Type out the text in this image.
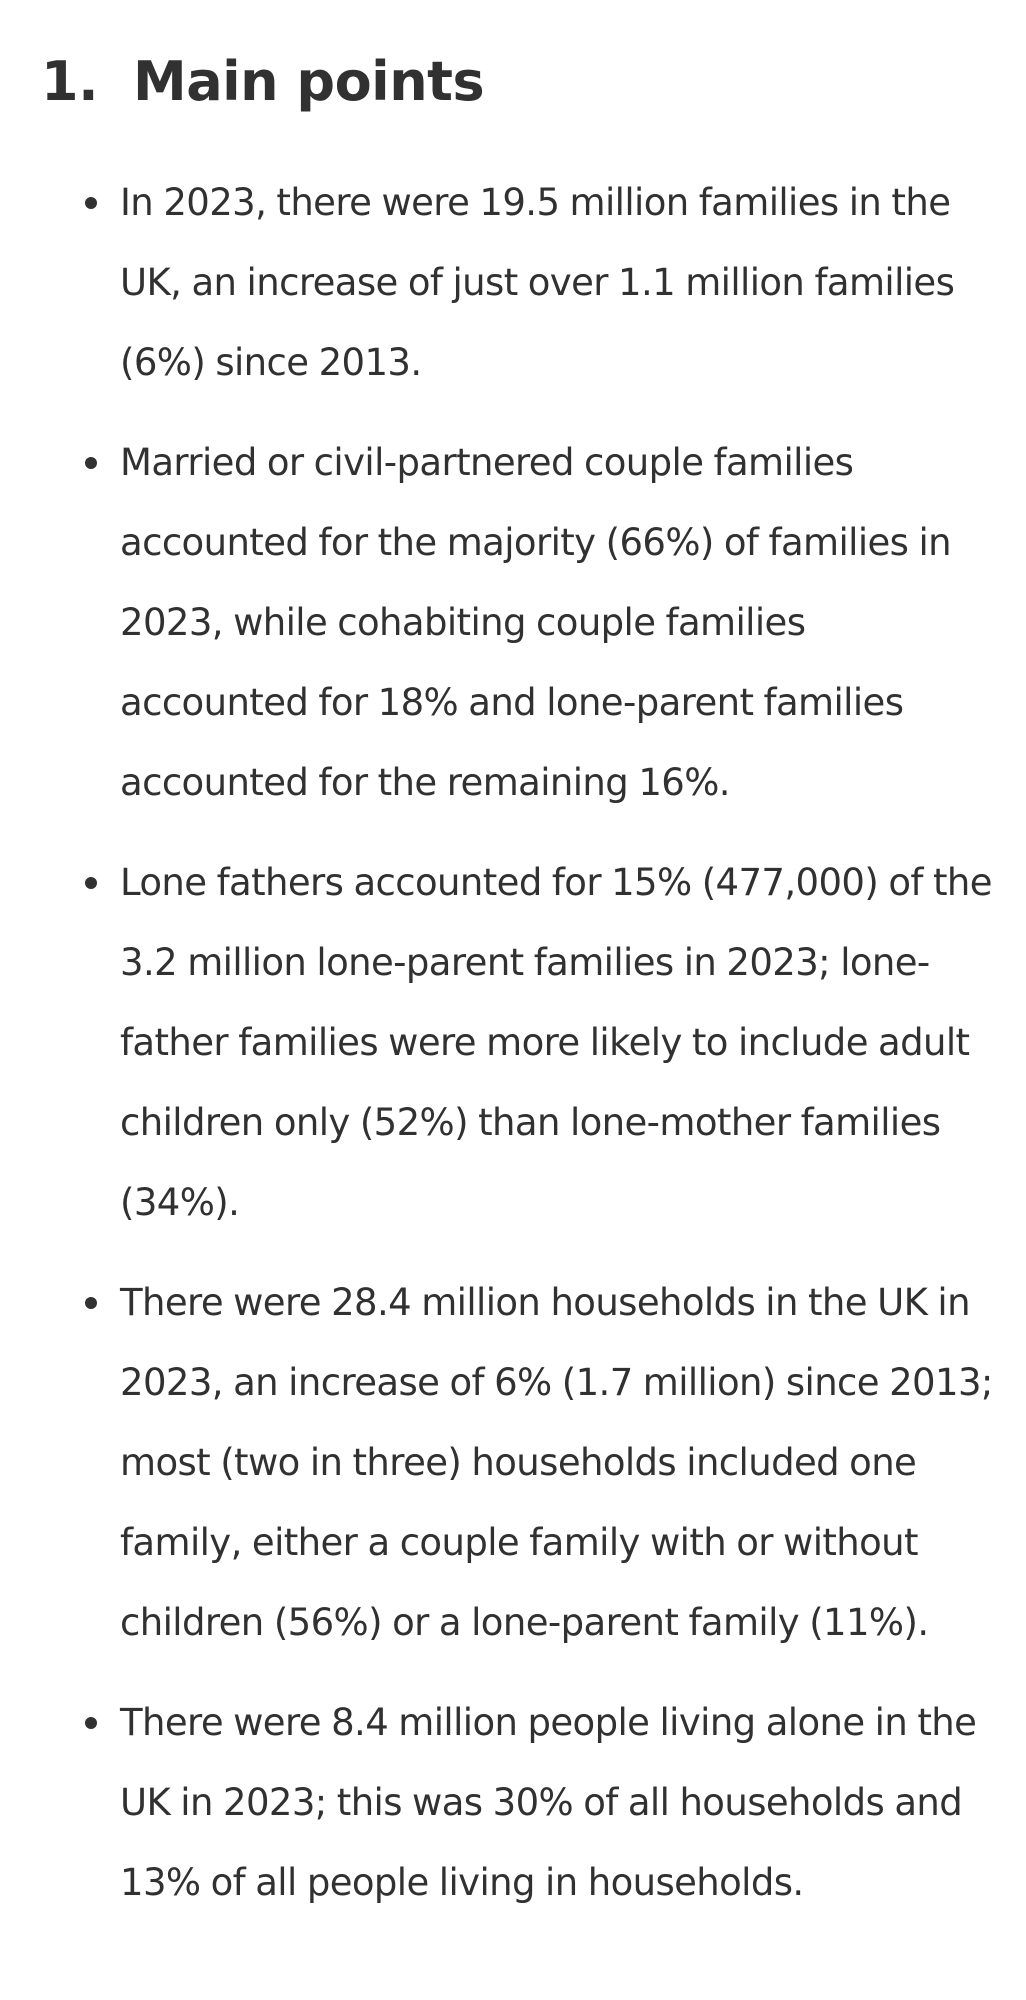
1. Main points
In 2023, there were 19.5 million families in the UK, an increase of just over 1.1 million families (6%) since 2013.
Married or civil-partnered couple families accounted for the majority (66%) of families in 2023, while cohabiting couple families accounted for 18% and lone-parent families accounted for the remaining 16%.
Lone fathers accounted for 15% (477,000) of the 3.2 million lone-parent families in 2023; lone-father families were more likely to include adult children only (52%) than lone-mother families (34%).
There were 28.4 million households in the UK in 2023, an increase of 6% (1.7 million) since 2013; most (two in three) households included one family, either a couple family with or without children (56%) or a lone-parent family (11%).
There were 8.4 million people living alone in the UK in 2023; this was 30% of all households and 13% of all people living in households.
